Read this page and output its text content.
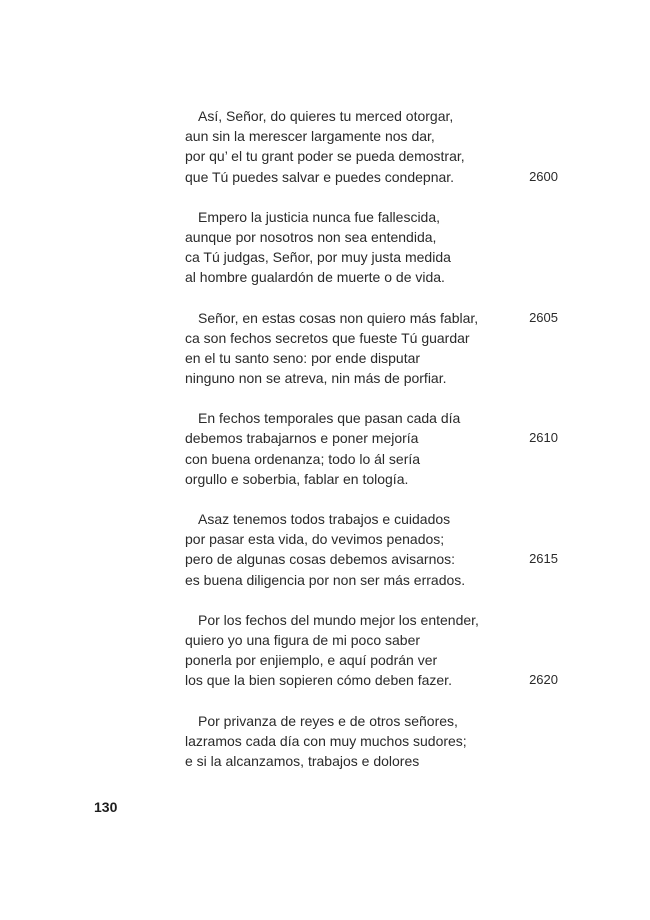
Así, Señor, do quieres tu merced otorgar,
aun sin la merescer largamente nos dar,
por qu’ el tu grant poder se pueda demostrar,
que Tú puedes salvar e puedes condepnar.	2600
Empero la justicia nunca fue fallescida,
aunque por nosotros non sea entendida,
ca Tú judgas, Señor, por muy justa medida
al hombre gualardón de muerte o de vida.
Señor, en estas cosas non quiero más fablar,	2605
ca son fechos secretos que fueste Tú guardar
en el tu santo seno: por ende disputar
ninguno non se atreva, nin más de porfiar.
En fechos temporales que pasan cada día
debemos trabajarnos e poner mejoría	2610
con buena ordenanza; todo lo ál sería
orgullo e soberbia, fablar en tología.
Asaz tenemos todos trabajos e cuidados
por pasar esta vida, do vevimos penados;
pero de algunas cosas debemos avisarnos:	2615
es buena diligencia por non ser más errados.
Por los fechos del mundo mejor los entender,
quiero yo una figura de mi poco saber
ponerla por enjiemplo, e aquí podrán ver
los que la bien sopieren cómo deben fazer.	2620
Por privanza de reyes e de otros señores,
lazramos cada día con muy muchos sudores;
e si la alcanzamos, trabajos e dolores
130
